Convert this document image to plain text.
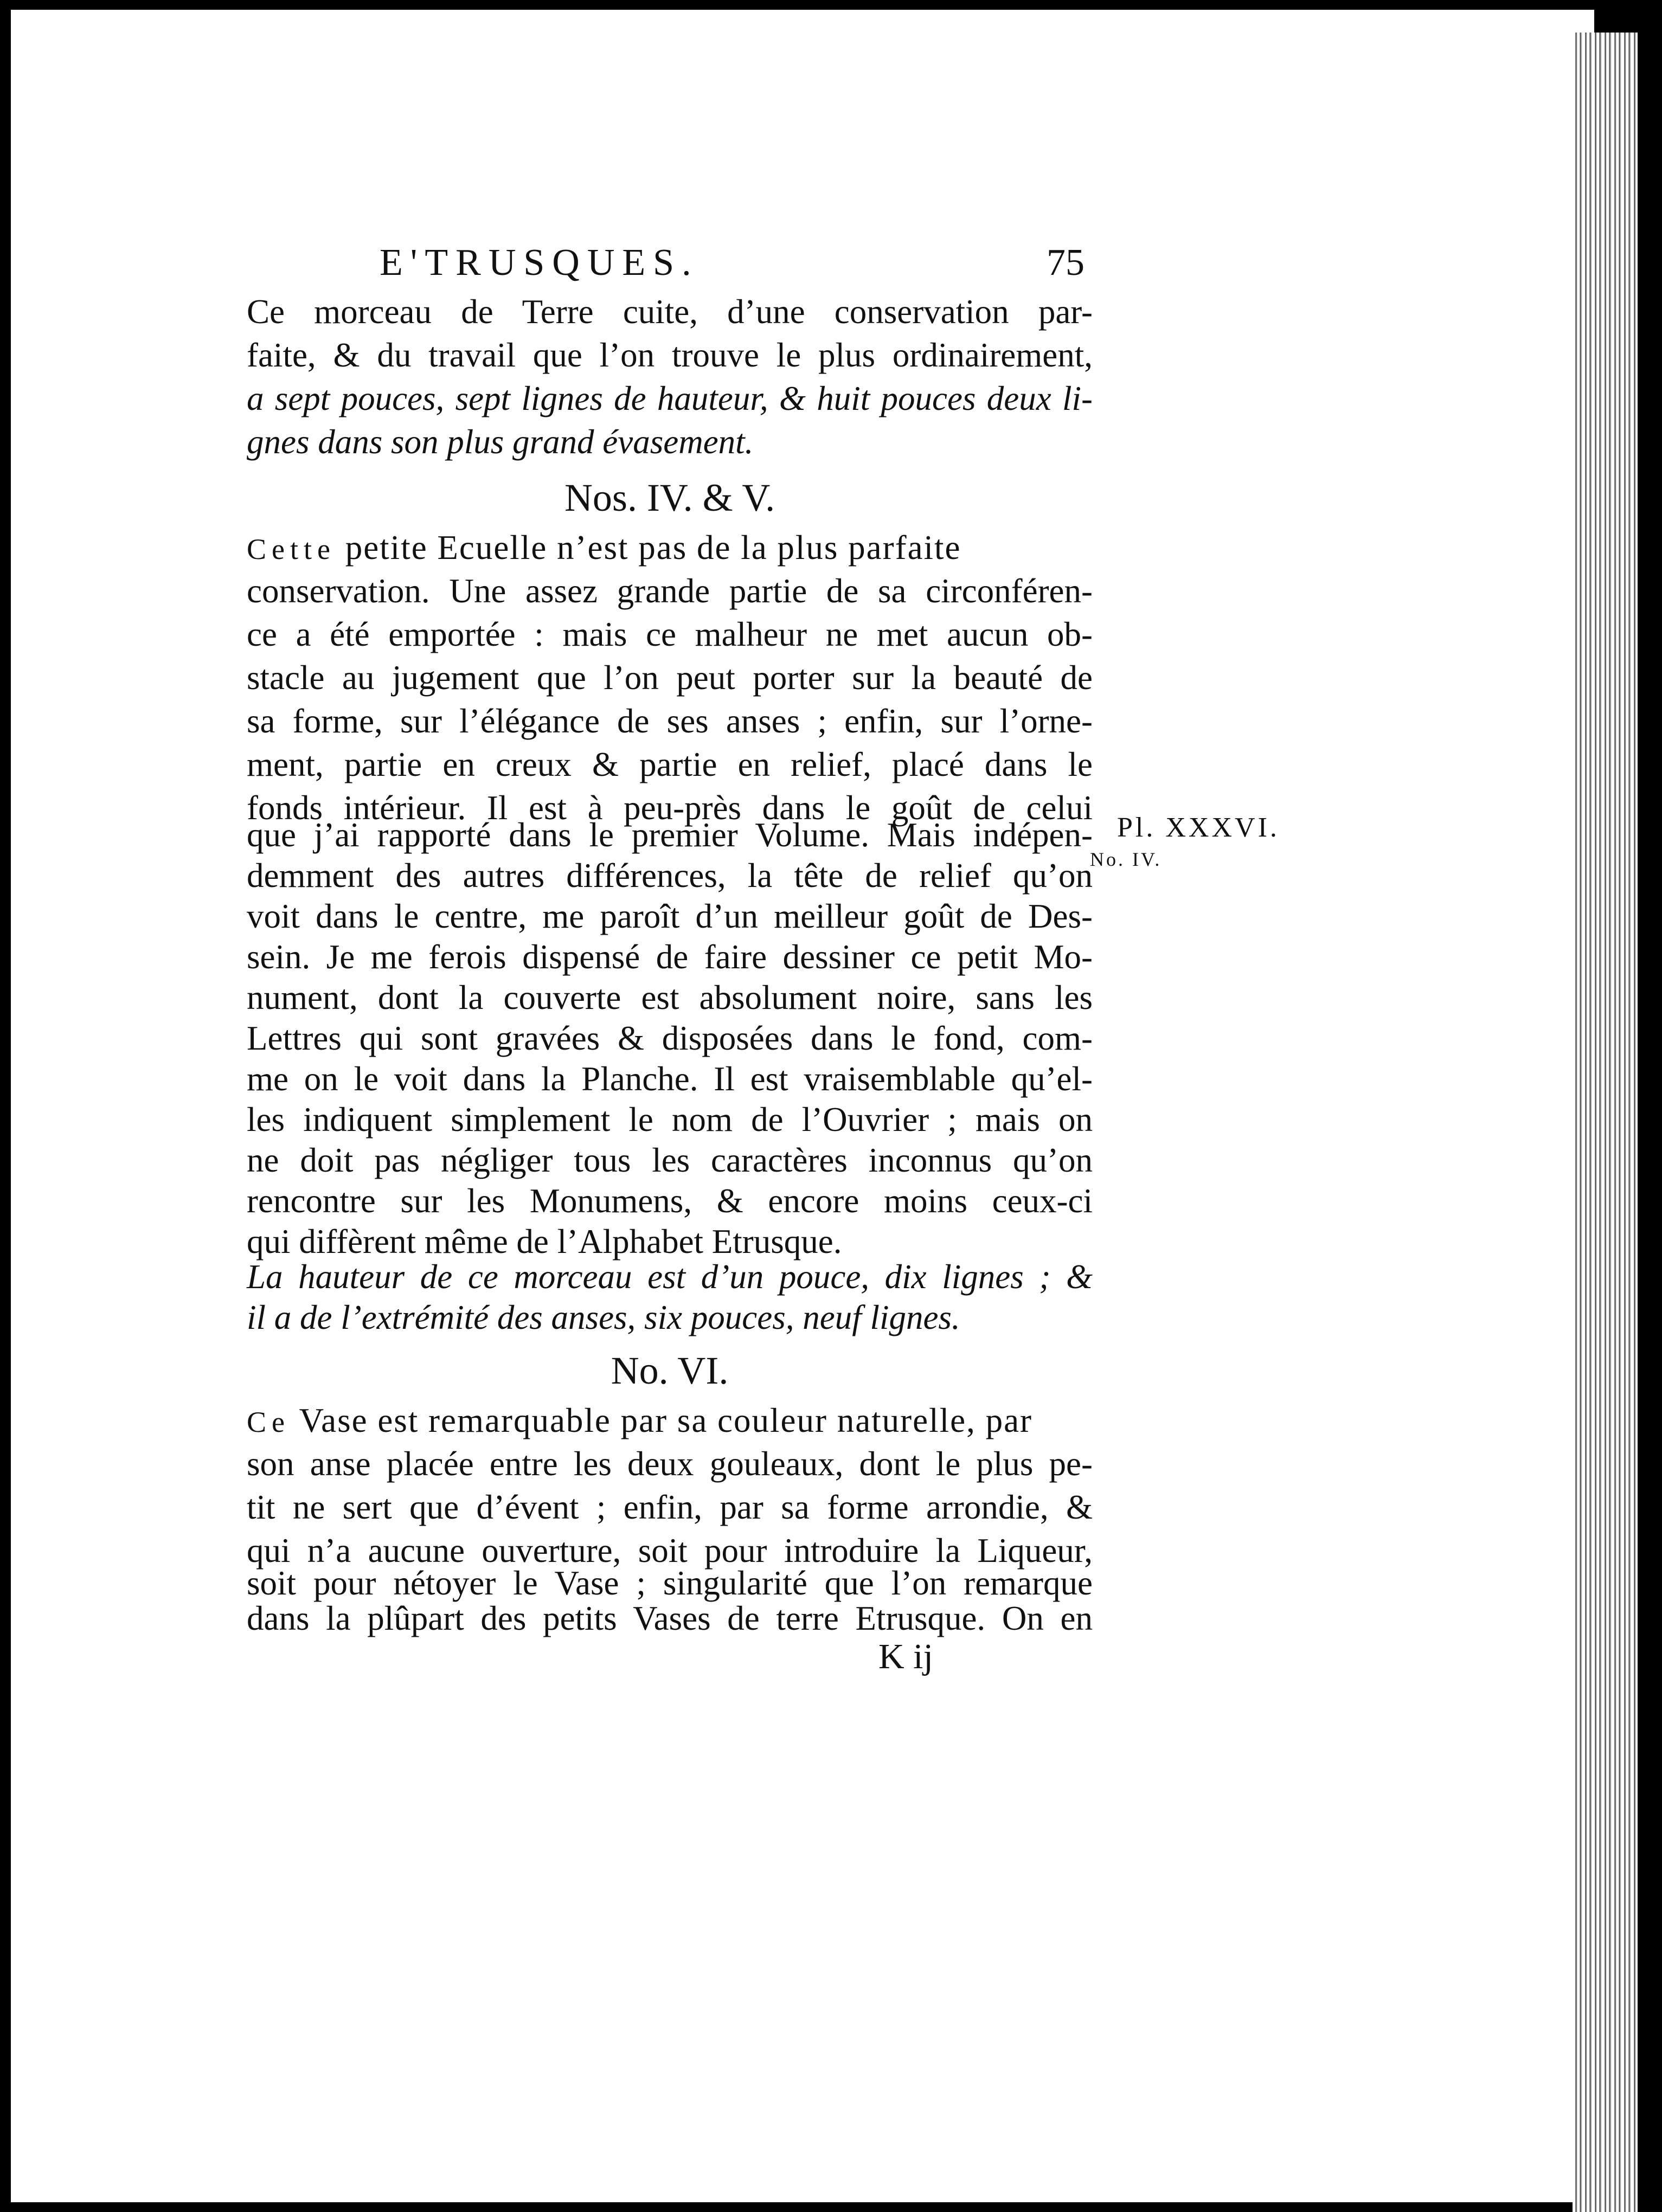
E'TRUSQUES.	75
Ce morceau de Terre cuite, d’une conservation par-
faite, & du travail que l’on trouve le plus ordinairement,
a sept pouces, sept lignes de hauteur, & huit pouces deux li-
gnes dans son plus grand évasement.
Nos. IV. & V.
Cette petite Ecuelle n’est pas de la plus parfaite
conservation. Une assez grande partie de sa circonféren-
ce a été emportée : mais ce malheur ne met aucun ob-
stacle au jugement que l’on peut porter sur la beauté de
sa forme, sur l’élégance de ses anses ; enfin, sur l’orne-
ment, partie en creux & partie en relief, placé dans le
fonds intérieur. Il est à peu-près dans le goût de celui
que j’ai rapporté dans le premier Volume. Mais indépen-
demment des autres différences, la tête de relief qu’on
voit dans le centre, me paroît d’un meilleur goût de Des-
sein. Je me ferois dispensé de faire dessiner ce petit Mo-
nument, dont la couverte est absolument noire, sans les
Lettres qui sont gravées & disposées dans le fond, com-
me on le voit dans la Planche. Il est vraisemblable qu’el-
les indiquent simplement le nom de l’Ouvrier ; mais on
ne doit pas négliger tous les caractères inconnus qu’on
rencontre sur les Monumens, & encore moins ceux-ci
qui diffèrent même de l’Alphabet Etrusque.
La hauteur de ce morceau est d’un pouce, dix lignes ; &
il a de l’extrémité des anses, six pouces, neuf lignes.
No. VI.
Ce Vase est remarquable par sa couleur naturelle, par
son anse placée entre les deux gouleaux, dont le plus pe-
tit ne sert que d’évent ; enfin, par sa forme arrondie, &
qui n’a aucune ouverture, soit pour introduire la Liqueur,
soit pour nétoyer le Vase ; singularité que l’on remarque
dans la plûpart des petits Vases de terre Etrusque. On en
K ij
Pl. XXXVI.
No. IV.
